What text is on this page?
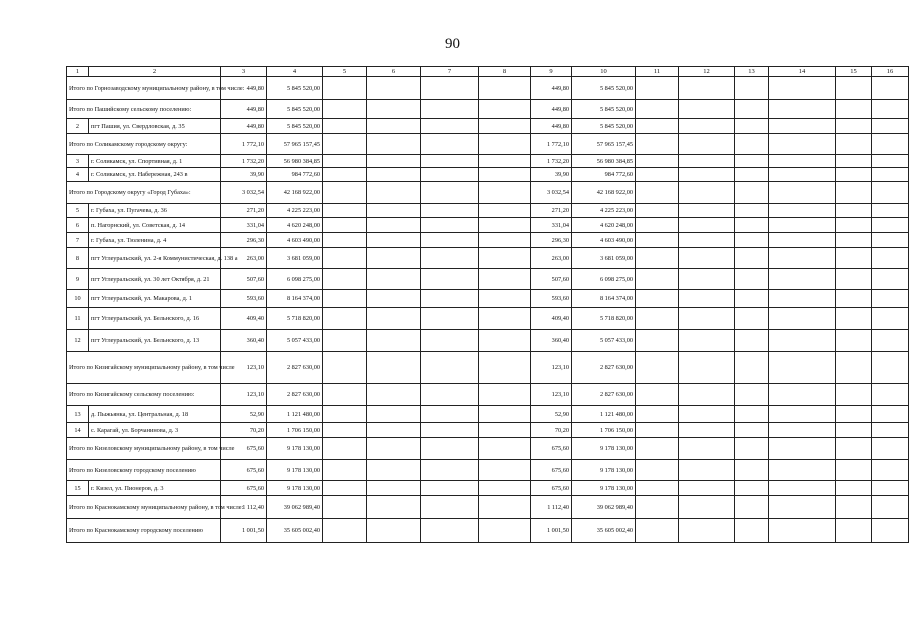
90
1	2	3	4	5	6	7	8	9	10	11	12	13	14	15	16
Итого по Горнозаводскому муниципальному району, в том числе:		449,80	5 845 520,00					449,80	5 845 520,00						
Итого по Пашийскому сельскому поселению:		449,80	5 845 520,00					449,80	5 845 520,00						
2	пгт Пашия, ул. Свердловская, д. 35	449,80	5 845 520,00					449,80	5 845 520,00						
Итого по Соликамскому городскому округу:		1 772,10	57 965 157,45					1 772,10	57 965 157,45						
3	г. Соликамск, ул. Спортивная, д. 1	1 732,20	56 980 384,85					1 732,20	56 980 384,85						
4	г. Соликамск, ул. Набережная, 243 в	39,90	984 772,60					39,90	984 772,60						
Итого по Городскому округу «Город Губаха»:		3 032,54	42 168 922,00					3 032,54	42 168 922,00						
5	г. Губаха, ул. Пугачева, д. 36	271,20	4 225 223,00					271,20	4 225 223,00						
6	п. Нагорнский, ул. Советская, д. 14	331,04	4 620 248,00					331,04	4 620 248,00						
7	г. Губаха, ул. Тюленина, д. 4	296,30	4 603 490,00					296,30	4 603 490,00						
8	пгт Углеуральский, ул. 2-я Коммунистическая, д. 138 а	263,00	3 681 059,00					263,00	3 681 059,00						
9	пгт Углеуральский, ул. 30 лет Октября, д. 21	507,60	6 098 275,00					507,60	6 098 275,00						
10	пгт Углеуральский, ул. Макарова, д. 1	593,60	8 164 374,00					593,60	8 164 374,00						
11	пгт Углеуральский, ул. Бельнского, д. 16	409,40	5 718 820,00					409,40	5 718 820,00						
12	пгт Углеуральский, ул. Бельнского, д. 13	360,40	5 057 433,00					360,40	5 057 433,00						
Итого по Кизигайскому муниципальному району, в том числе		123,10	2 827 630,00					123,10	2 827 630,00						
Итого по Кизигайскому сельскому поселению:		123,10	2 827 630,00					123,10	2 827 630,00						
13	д. Пыжьянка, ул. Центральная, д. 18	52,90	1 121 480,00					52,90	1 121 480,00						
14	с. Карагай, ул. Борчанинова, д. 3	70,20	1 706 150,00					70,20	1 706 150,00						
Итого по Кизеловскому муниципальному району, в том числе		675,60	9 178 130,00					675,60	9 178 130,00						
Итого по Кизеловскому городскому поселению		675,60	9 178 130,00					675,60	9 178 130,00						
15	г. Кизел, ул. Пионеров, д. 3	675,60	9 178 130,00					675,60	9 178 130,00						
Итого по Краснокамскому муниципальному району, в том числе:		1 112,40	39 062 989,40					1 112,40	39 062 989,40						
Итого по Краснокамскому городскому поселению		1 001,50	35 605 002,40					1 001,50	35 605 002,40						
